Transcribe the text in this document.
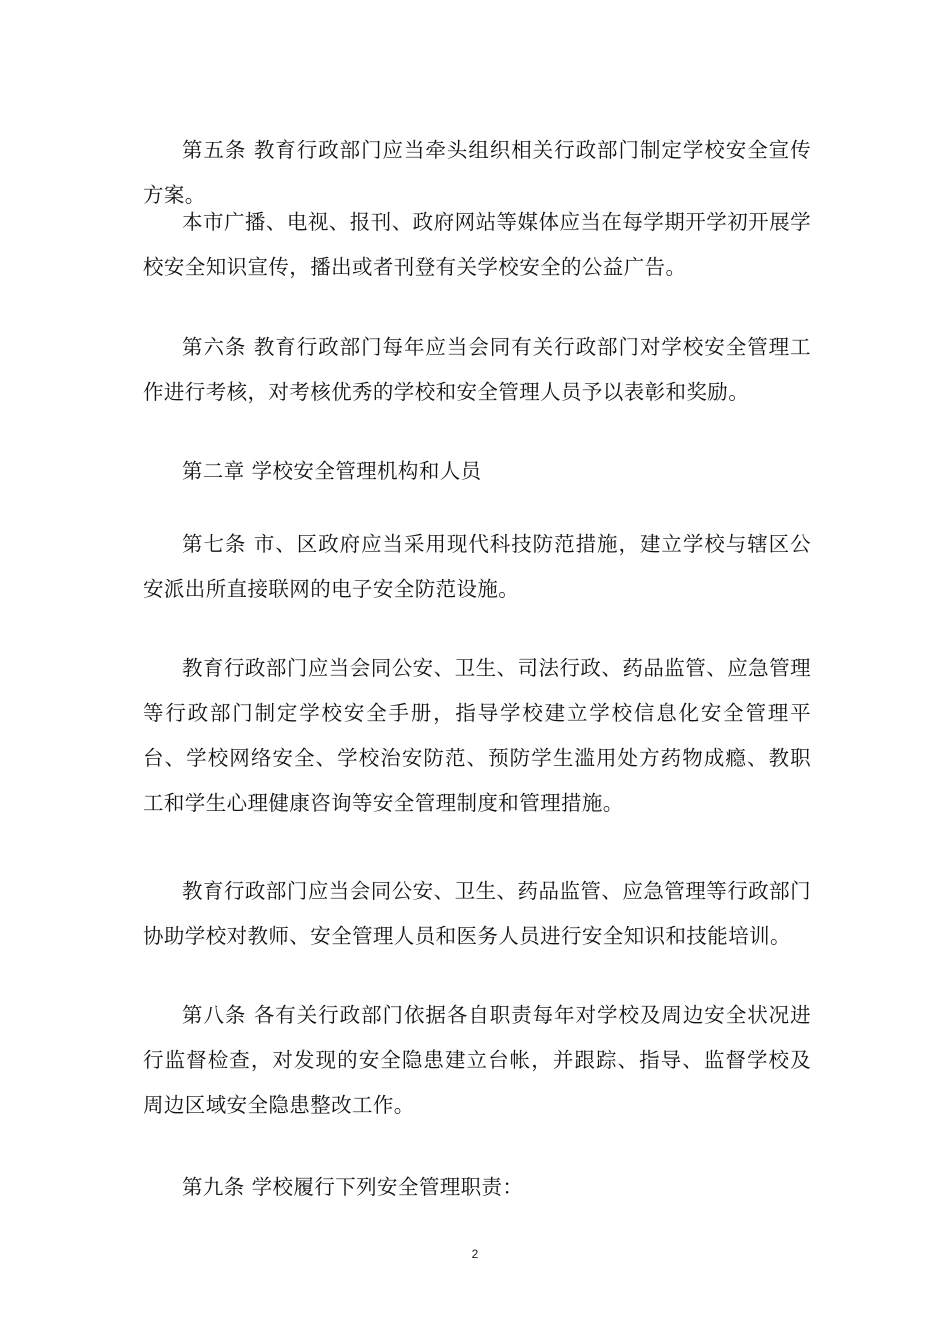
第五条 教育行政部门应当牵头组织相关行政部门制定学校安全宣传方案。

本市广播、电视、报刊、政府网站等媒体应当在每学期开学初开展学校安全知识宣传，播出或者刊登有关学校安全的公益广告。

第六条 教育行政部门每年应当会同有关行政部门对学校安全管理工作进行考核，对考核优秀的学校和安全管理人员予以表彰和奖励。

第二章 学校安全管理机构和人员

第七条 市、区政府应当采用现代科技防范措施，建立学校与辖区公安派出所直接联网的电子安全防范设施。

教育行政部门应当会同公安、卫生、司法行政、药品监管、应急管理等行政部门制定学校安全手册，指导学校建立学校信息化安全管理平台、学校网络安全、学校治安防范、预防学生滥用处方药物成瘾、教职工和学生心理健康咨询等安全管理制度和管理措施。

教育行政部门应当会同公安、卫生、药品监管、应急管理等行政部门协助学校对教师、安全管理人员和医务人员进行安全知识和技能培训。

第八条 各有关行政部门依据各自职责每年对学校及周边安全状况进行监督检查，对发现的安全隐患建立台帐，并跟踪、指导、监督学校及周边区域安全隐患整改工作。

第九条 学校履行下列安全管理职责：

2
